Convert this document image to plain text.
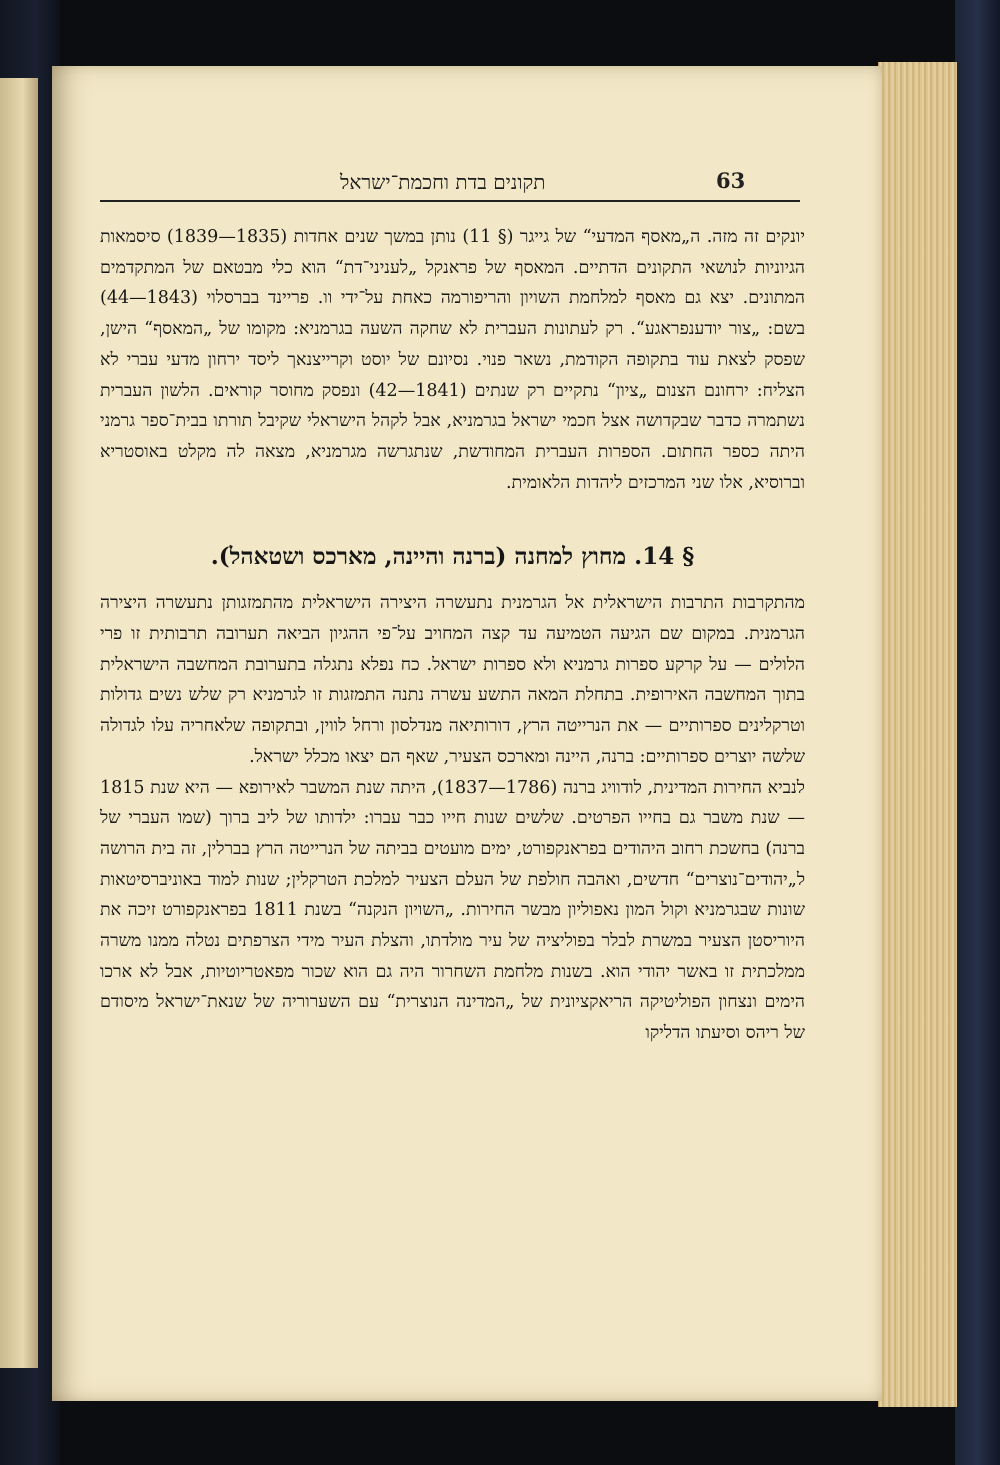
תקונים בדת וחכמת־ישראל	63

יונקים זה מזה. ה„מאסף המדעי“ של גייגר (§ 11) נותן במשך שנים אחדות (1835—1839) סיסמאות הגיוניות לנושאי התקונים הדתיים. המאסף של פראנקל „לעניני־דת“ הוא כלי מבטאם של המתקדמים המתונים. יצא גם מאסף למלחמת השויון והריפורמה כאחת על־ידי וו. פריינד בברסלוי (1843—44) בשם: „צור יודענפראגע“. רק לעתונות העברית לא שחקה השעה בגרמניא: מקומו של „המאסף“ הישן, שפסק לצאת עוד בתקופה הקודמת, נשאר פנוי. נסיונם של יוסט וקרייצנאך ליסד ירחון מדעי עברי לא הצליח: ירחונם הצנום „ציון“ נתקיים רק שנתים (1841—42) ונפסק מחוסר קוראים. הלשון העברית נשתמרה כדבר שבקדושה אצל חכמי ישראל בגרמניא, אבל לקהל הישראלי שקיבל תורתו בבית־ספר גרמני היתה כספר החתום. הספרות העברית המחודשת, שנתגרשה מגרמניא, מצאה לה מקלט באוסטריא וברוסיא, אלו שני המרכזים ליהדות הלאומית.

§ 14. מחוץ למחנה (ברנה והיינה, מארכס ושטאהל).

מהתקרבות התרבות הישראלית אל הגרמנית נתעשרה היצירה הישראלית מהתמזגותן נתעשרה היצירה הגרמנית. במקום שם הגיעה הטמיעה עד קצה המחויב על־פי ההגיון הביאה תערובה תרבותית זו פרי הלולים — על קרקע ספרות גרמניא ולא ספרות ישראל. כח נפלא נתגלה בתערובת המחשבה הישראלית בתוך המחשבה האירופית. בתחלת המאה התשע עשרה נתנה התמזגות זו לגרמניא רק שלש נשים גדולות וטרקלינים ספרותיים — את הנרייטה הרץ, דורותיאה מנדלסון ורחל לווין, ובתקופה שלאחריה עלו לגדולה שלשה יוצרים ספרותיים: ברנה, היינה ומארכס הצעיר, שאף הם יצאו מכלל ישראל.

לנביא החירות המדינית, לודוויג ברנה (1786—1837), היתה שנת המשבר לאירופא — היא שנת 1815 — שנת משבר גם בחייו הפרטים. שלשים שנות חייו כבר עברו: ילדותו של ליב ברוך (שמו העברי של ברנה) בחשכת רחוב היהודים בפראנקפורט, ימים מועטים בביתה של הנרייטה הרץ בברלין, זה בית הרושה ל„יהודים־נוצרים“ חדשים, ואהבה חולפת של העלם הצעיר למלכת הטרקלין; שנות למוד באוניברסיטאות שונות שבגרמניא וקול המון נאפוליון מבשר החירות. „השויון הנקנה“ בשנת 1811 בפראנקפורט זיכה את היוריסטן הצעיר במשרת לבלר בפוליציה של עיר מולדתו, והצלת העיר מידי הצרפתים נטלה ממנו משרה ממלכתית זו באשר יהודי הוא. בשנות מלחמת השחרור היה גם הוא שכור מפאטריוטיות, אבל לא ארכו הימים ונצחון הפוליטיקה הריאקציונית של „המדינה הנוצרית“ עם השערוריה של שנאת־ישראל מיסודם של ריהס וסיעתו הדליקו
